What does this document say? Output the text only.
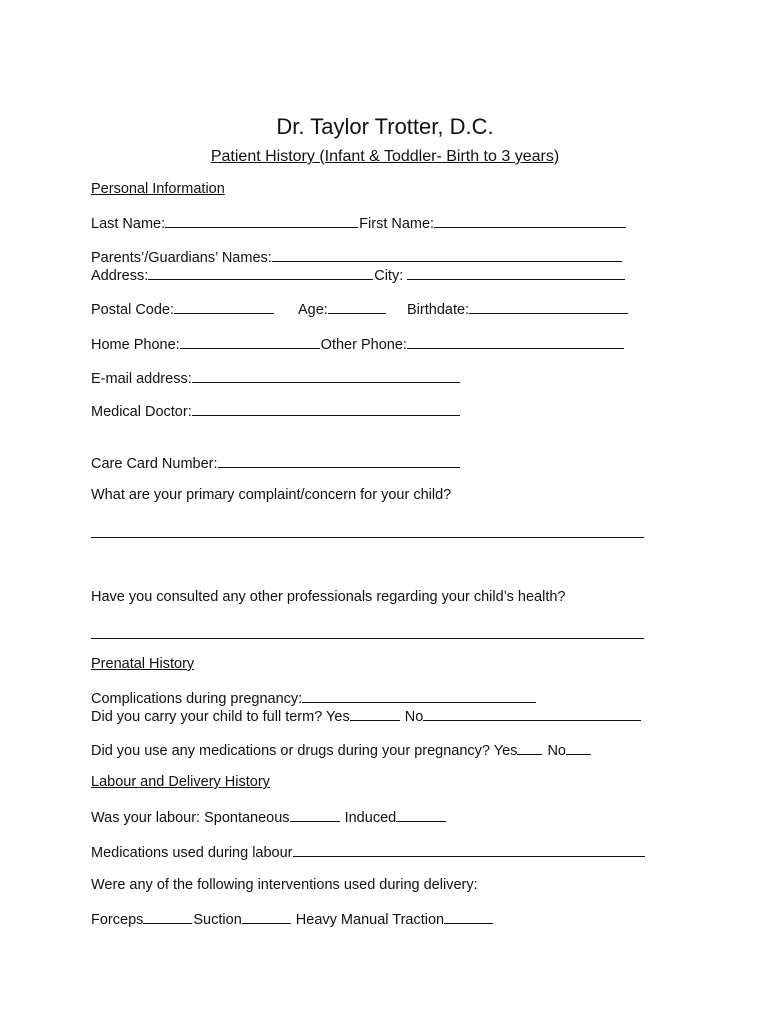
Dr. Taylor Trotter, D.C.
Patient History (Infant & Toddler- Birth to 3 years)
Personal Information
Last Name:	First Name:
Parents’/Guardians’ Names:
Address:	City:
Postal Code:	Age:	Birthdate:
Home Phone:	Other Phone:
E-mail address:
Medical Doctor:
Care Card Number:
What are your primary complaint/concern for your child?
Have you consulted any other professionals regarding your child’s health?
Prenatal History
Complications during pregnancy:
Did you carry your child to full term? Yes	No
Did you use any medications or drugs during your pregnancy? Yes No
Labour and Delivery History
Was your labour: Spontaneous	Induced
Medications used during labour
Were any of the following interventions used during delivery:
Forceps	Suction	Heavy Manual Traction
